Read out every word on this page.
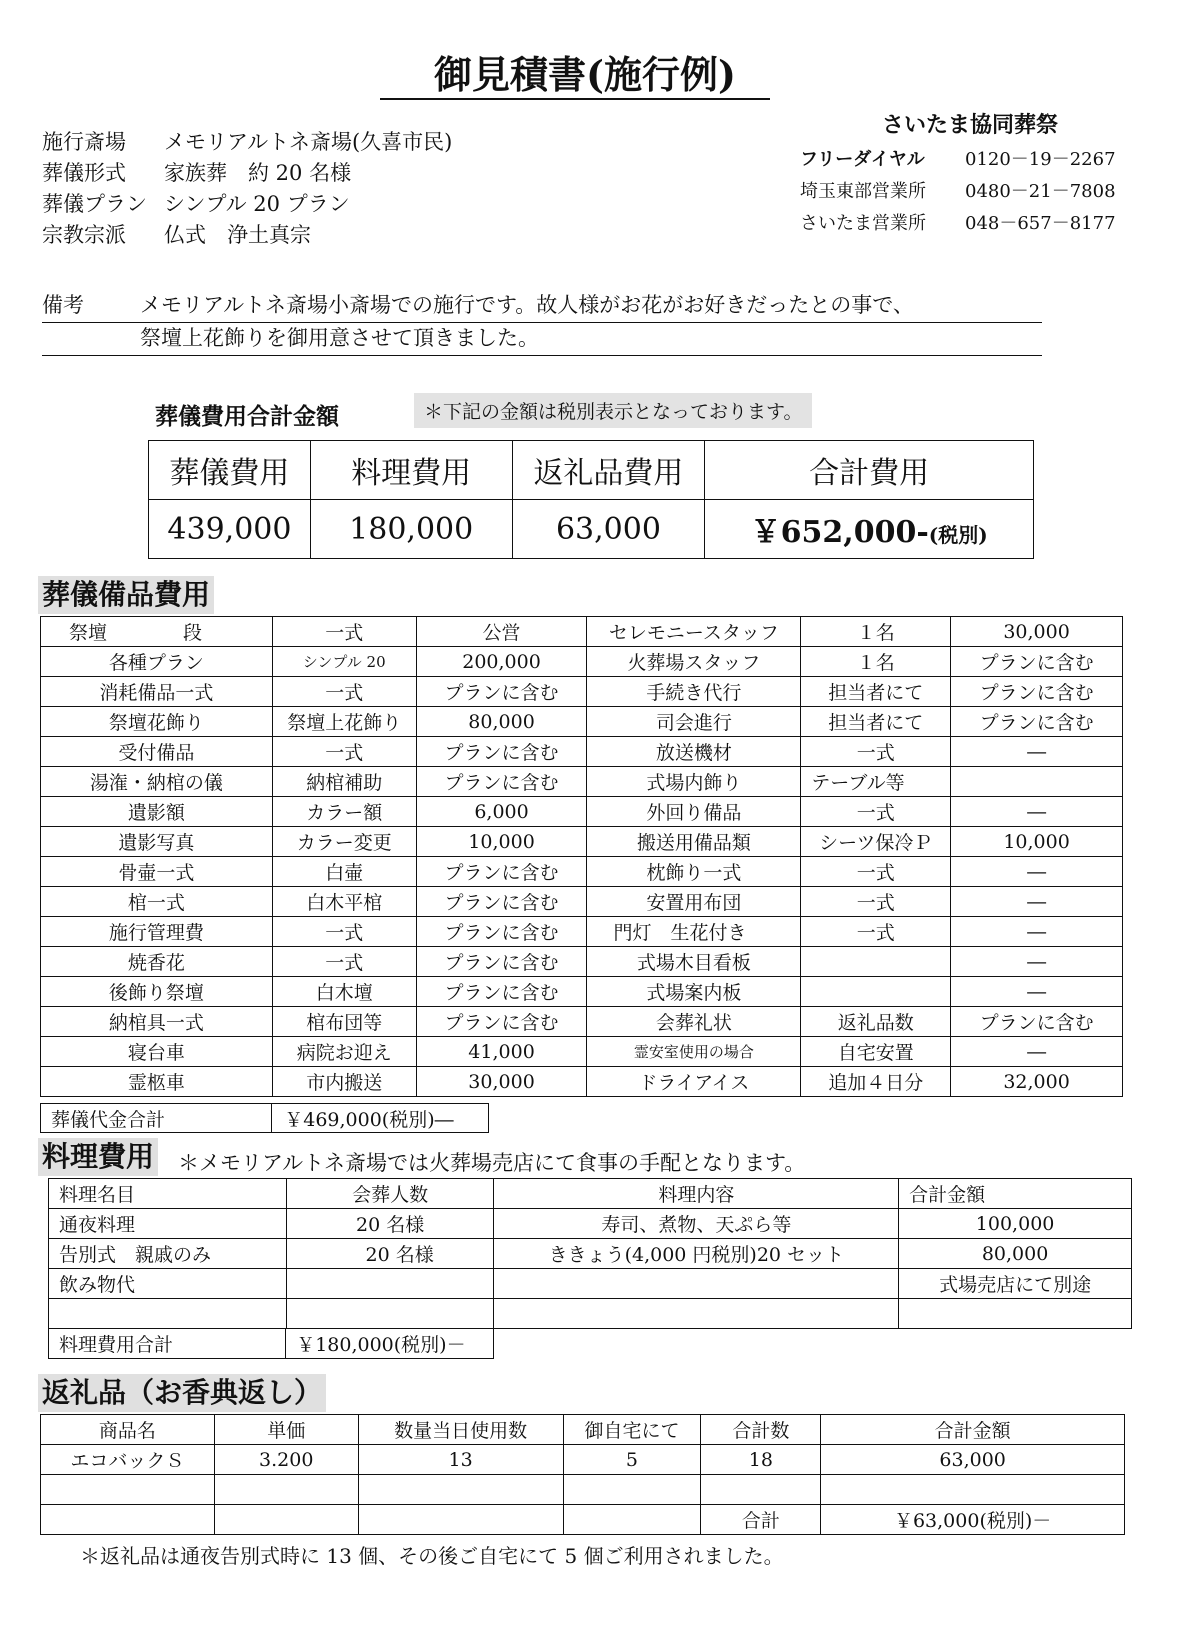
御見積書(施行例)
施行斎場 メモリアルトネ斎場(久喜市民)
葬儀形式 家族葬　約 20 名様
葬儀プラン シンプル 20 プラン
宗教宗派 仏式　浄土真宗
さいたま協同葬祭
フリーダイヤル 0120－19－2267
埼玉東部営業所 0480－21－7808
さいたま営業所 048－657－8177
備考	メモリアルトネ斎場小斎場での施行です。故人様がお花がお好きだったとの事で、
祭壇上花飾りを御用意させて頂きました。
葬儀費用合計金額	＊下記の金額は税別表示となっております。
葬儀費用	料理費用	返礼品費用	合計費用
439,000	180,000	63,000	￥652,000-(税別)
葬儀備品費用
祭壇　　　　段	一式	公営	セレモニースタッフ	１名	30,000
各種プラン	シンプル 20	200,000	火葬場スタッフ	１名	プランに含む
消耗備品一式	一式	プランに含む	手続き代行	担当者にて	プランに含む
祭壇花飾り	祭壇上花飾り	80,000	司会進行	担当者にて	プランに含む
受付備品	一式	プランに含む	放送機材	一式	―
湯潅・納棺の儀	納棺補助	プランに含む	式場内飾り	テーブル等	
遺影額	カラー額	6,000	外回り備品	一式	―
遺影写真	カラー変更	10,000	搬送用備品類	シーツ保冷Ｐ	10,000
骨壷一式	白壷	プランに含む	枕飾り一式	一式	―
棺一式	白木平棺	プランに含む	安置用布団	一式	―
施行管理費	一式	プランに含む	門灯　生花付き	一式	―
焼香花	一式	プランに含む	式場木目看板		―
後飾り祭壇	白木壇	プランに含む	式場案内板		―
納棺具一式	棺布団等	プランに含む	会葬礼状	返礼品数	プランに含む
寝台車	病院お迎え	41,000	霊安室使用の場合	自宅安置	―
霊柩車	市内搬送	30,000	ドライアイス	追加４日分	32,000
葬儀代金合計	￥469,000(税別)―
料理費用 ＊メモリアルトネ斎場では火葬場売店にて食事の手配となります。
料理名目	会葬人数	料理内容	合計金額
通夜料理	20 名様	寿司、煮物、天ぷら等	100,000
告別式　親戚のみ	　20 名様	ききょう(4,000 円税別)20 セット	80,000
飲み物代			式場売店にて別途

料理費用合計	￥180,000(税別)－
返礼品（お香典返し）
商品名	単価	数量当日使用数	御自宅にて	合計数	合計金額
エコバックＳ	3.200	13	5	18	63,000

				合計	￥63,000(税別)－
＊返礼品は通夜告別式時に 13 個、その後ご自宅にて 5 個ご利用されました。
